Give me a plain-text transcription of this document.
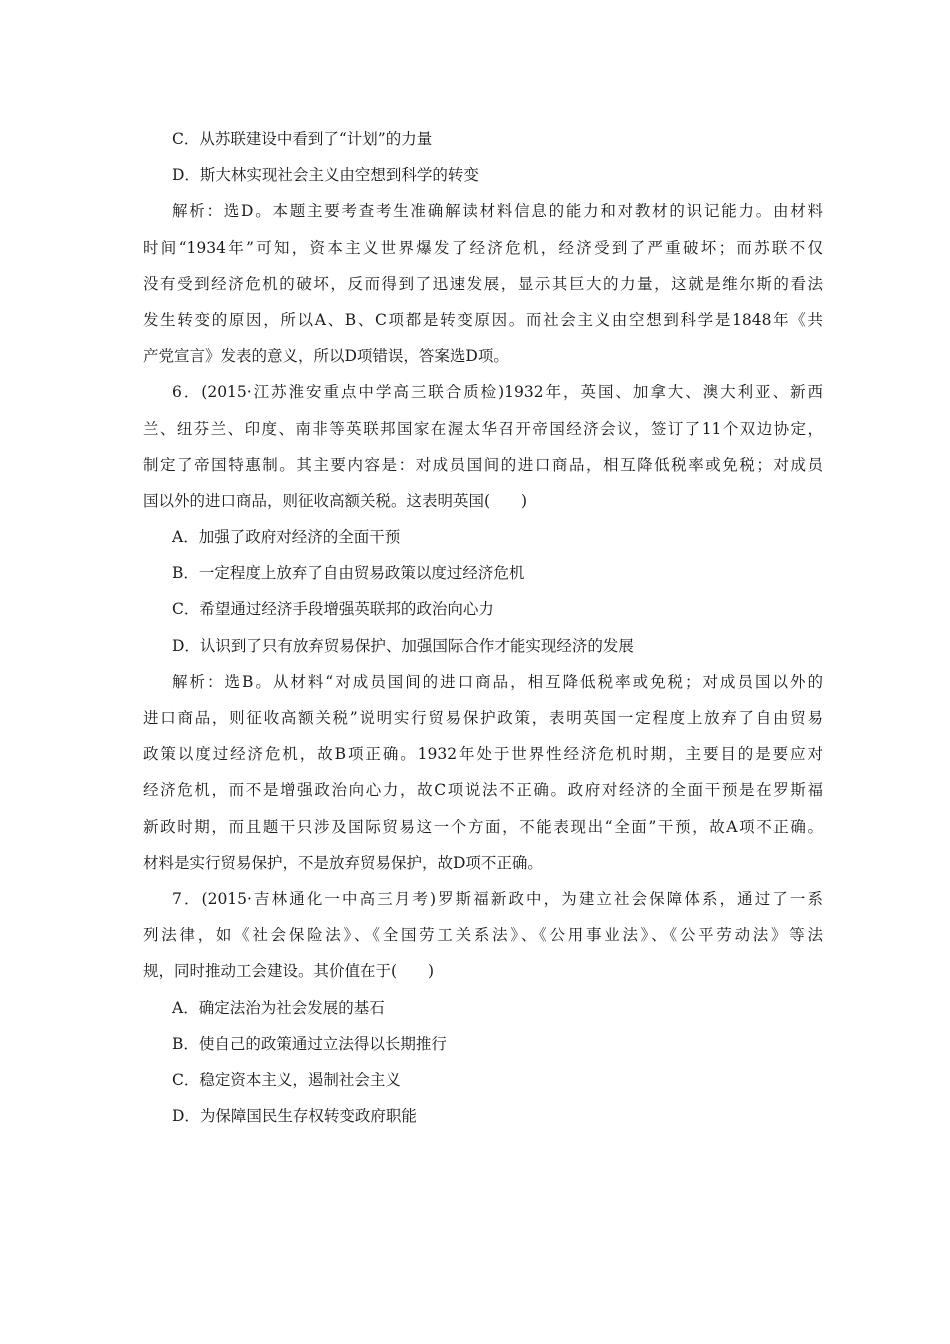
C．从苏联建设中看到了“计划”的力量
D．斯大林实现社会主义由空想到科学的转变
解析：选D。本题主要考查考生准确解读材料信息的能力和对教材的识记能力。由材料
时间“1934年”可知，资本主义世界爆发了经济危机，经济受到了严重破坏；而苏联不仅
没有受到经济危机的破坏，反而得到了迅速发展，显示其巨大的力量，这就是维尔斯的看法
发生转变的原因，所以A、B、C项都是转变原因。而社会主义由空想到科学是1848年《共
产党宣言》发表的意义，所以D项错误，答案选D项。
6．(2015·江苏淮安重点中学高三联合质检)1932年，英国、加拿大、澳大利亚、新西
兰、纽芬兰、印度、南非等英联邦国家在渥太华召开帝国经济会议，签订了11个双边协定，
制定了帝国特惠制。其主要内容是：对成员国间的进口商品，相互降低税率或免税；对成员
国以外的进口商品，则征收高额关税。这表明英国(　　)
A．加强了政府对经济的全面干预
B．一定程度上放弃了自由贸易政策以度过经济危机
C．希望通过经济手段增强英联邦的政治向心力
D．认识到了只有放弃贸易保护、加强国际合作才能实现经济的发展
解析：选B。从材料“对成员国间的进口商品，相互降低税率或免税；对成员国以外的
进口商品，则征收高额关税”说明实行贸易保护政策，表明英国一定程度上放弃了自由贸易
政策以度过经济危机，故B项正确。1932年处于世界性经济危机时期，主要目的是要应对
经济危机，而不是增强政治向心力，故C项说法不正确。政府对经济的全面干预是在罗斯福
新政时期，而且题干只涉及国际贸易这一个方面，不能表现出“全面”干预，故A项不正确。
材料是实行贸易保护，不是放弃贸易保护，故D项不正确。
7．(2015·吉林通化一中高三月考)罗斯福新政中，为建立社会保障体系，通过了一系
列法律，如《社会保险法》、《全国劳工关系法》、《公用事业法》、《公平劳动法》等法
规，同时推动工会建设。其价值在于(　　)
A．确定法治为社会发展的基石
B．使自己的政策通过立法得以长期推行
C．稳定资本主义，遏制社会主义
D．为保障国民生存权转变政府职能
